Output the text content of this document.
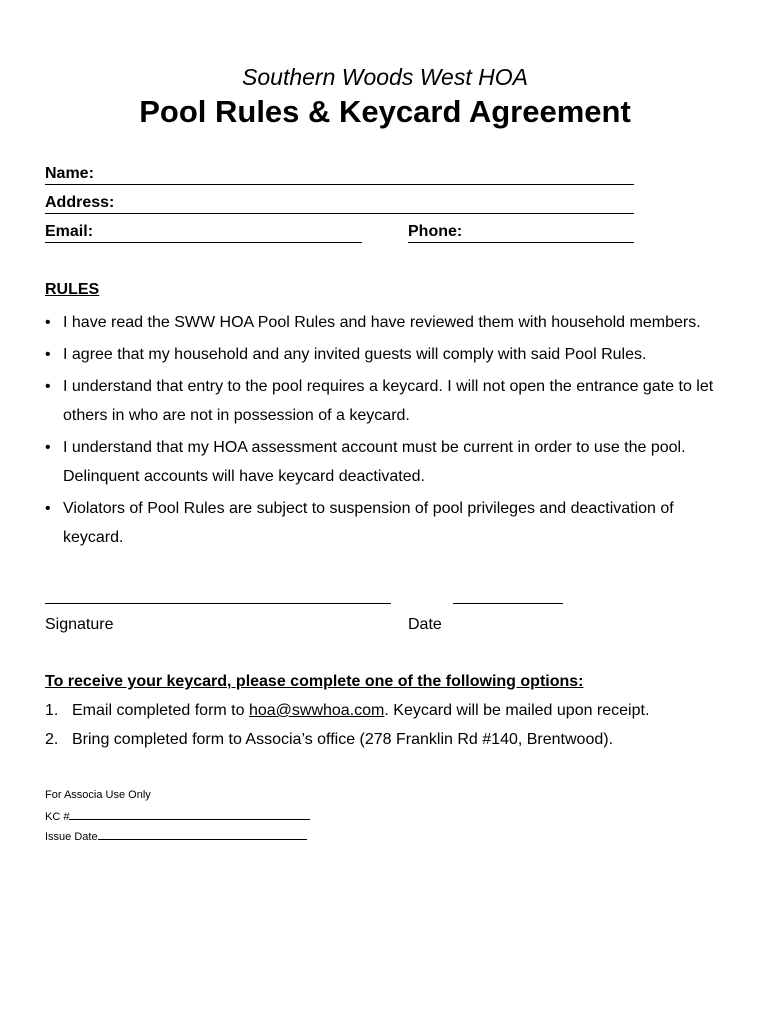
Southern Woods West HOA
Pool Rules & Keycard Agreement
Name:
Address:
Email:	Phone:
RULES
• I have read the SWW HOA Pool Rules and have reviewed them with household members.
• I agree that my household and any invited guests will comply with said Pool Rules.
• I understand that entry to the pool requires a keycard. I will not open the entrance gate to let others in who are not in possession of a keycard.
• I understand that my HOA assessment account must be current in order to use the pool. Delinquent accounts will have keycard deactivated.
• Violators of Pool Rules are subject to suspension of pool privileges and deactivation of keycard.
Signature	Date
To receive your keycard, please complete one of the following options:
1. Email completed form to hoa@swwhoa.com. Keycard will be mailed upon receipt.
2. Bring completed form to Associa’s office (278 Franklin Rd #140, Brentwood).
For Associa Use Only
KC #
Issue Date
